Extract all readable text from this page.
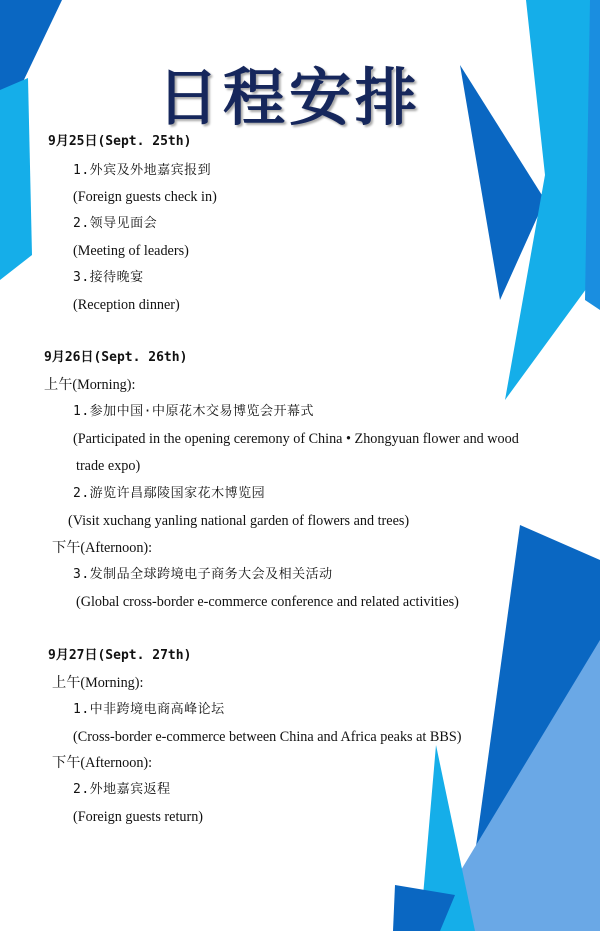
日程安排
9月25日(Sept. 25th)
1.外宾及外地嘉宾报到
(Foreign guests check in)
2.领导见面会
(Meeting of leaders)
3.接待晚宴
(Reception dinner)
9月26日(Sept. 26th)
上午(Morning):
1.参加中国·中原花木交易博览会开幕式
(Participated in the opening ceremony of China • Zhongyuan flower and wood
trade expo)
2.游览许昌鄢陵国家花木博览园
(Visit xuchang yanling national garden of flowers and trees)
下午(Afternoon):
3.发制品全球跨境电子商务大会及相关活动
(Global cross-border e-commerce conference and related activities)
9月27日(Sept. 27th)
上午(Morning):
1.中非跨境电商高峰论坛
(Cross-border e-commerce between China and Africa peaks at BBS)
下午(Afternoon):
2.外地嘉宾返程
(Foreign guests return)
